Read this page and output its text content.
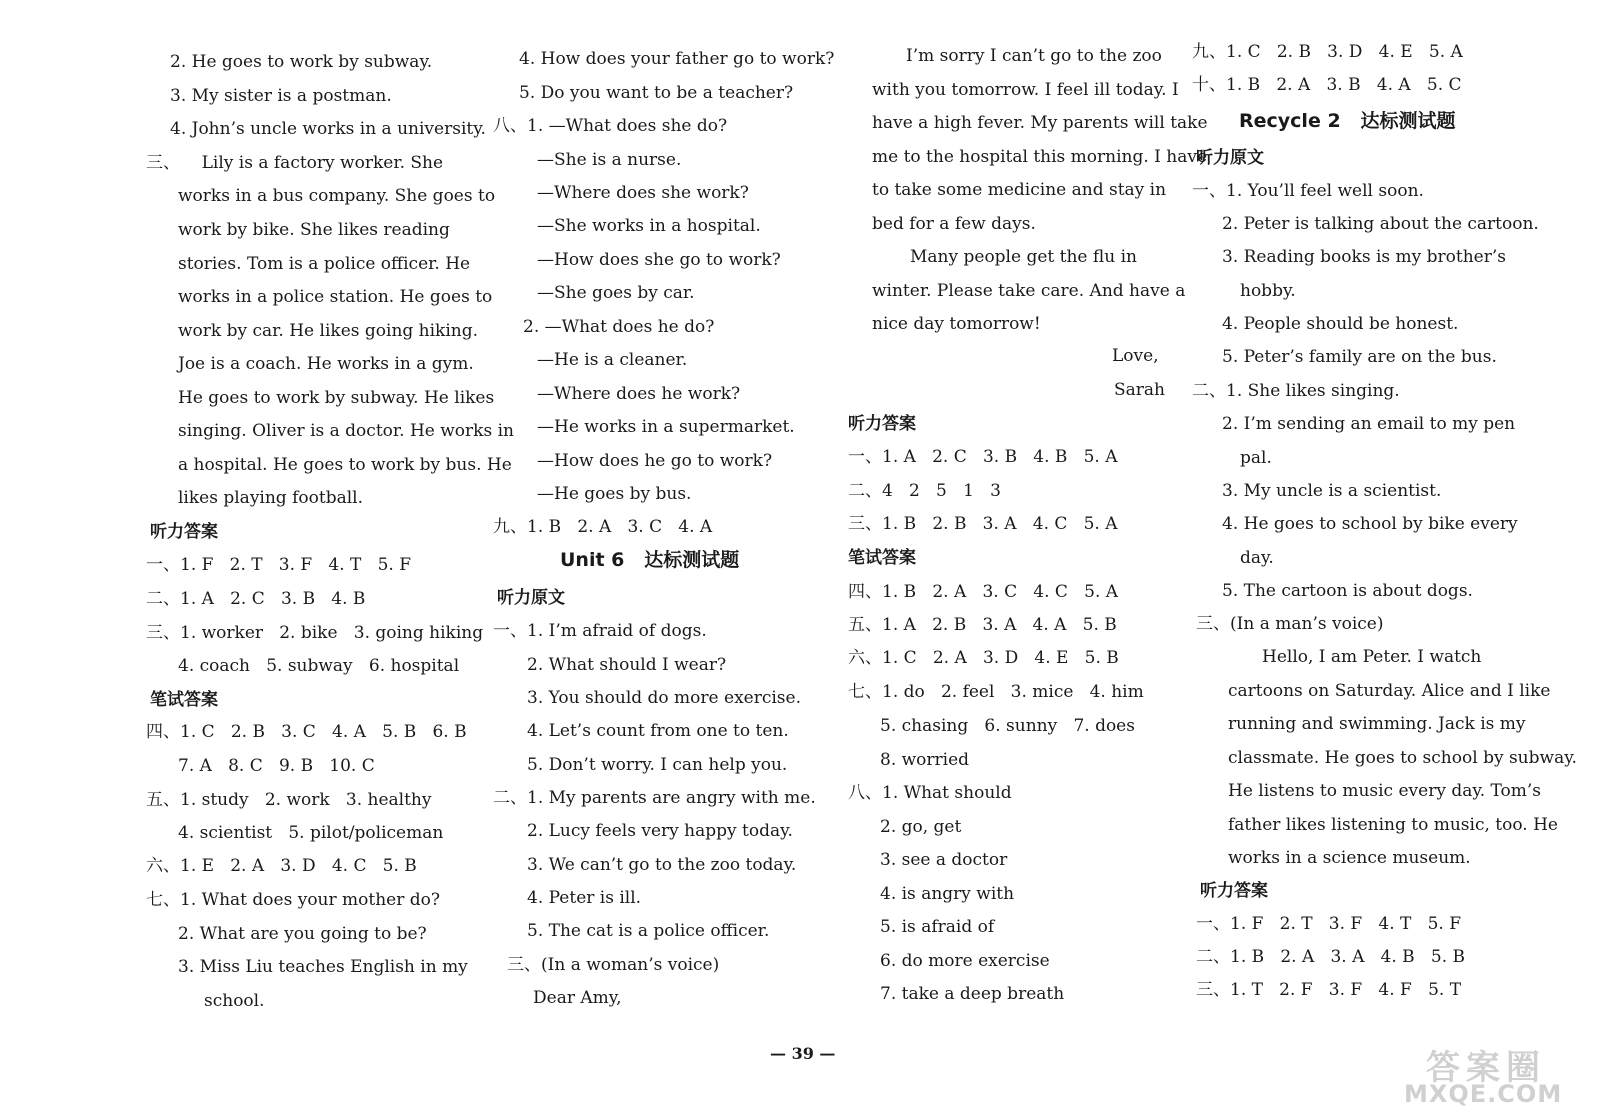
2. He goes to work by subway.
3. My sister is a postman.
4. John’s uncle works in a university.
三、    Lily is a factory worker. She
works in a bus company. She goes to
work by bike. She likes reading
stories. Tom is a police officer. He
works in a police station. He goes to
work by car. He likes going hiking.
Joe is a coach. He works in a gym.
He goes to work by subway. He likes
singing. Oliver is a doctor. He works in
a hospital. He goes to work by bus. He
likes playing football.
听力答案
一、1. F   2. T   3. F   4. T   5. F
二、1. A   2. C   3. B   4. B
三、1. worker   2. bike   3. going hiking
4. coach   5. subway   6. hospital
笔试答案
四、1. C   2. B   3. C   4. A   5. B   6. B
7. A   8. C   9. B   10. C
五、1. study   2. work   3. healthy
4. scientist   5. pilot/policeman
六、1. E   2. A   3. D   4. C   5. B
七、1. What does your mother do?
2. What are you going to be?
3. Miss Liu teaches English in my
school.
4. How does your father go to work?
5. Do you want to be a teacher?
八、1. —What does she do?
—She is a nurse.
—Where does she work?
—She works in a hospital.
—How does she go to work?
—She goes by car.
2. —What does he do?
—He is a cleaner.
—Where does he work?
—He works in a supermarket.
—How does he go to work?
—He goes by bus.
九、1. B   2. A   3. C   4. A
Unit 6   达标测试题
听力原文
一、1. I’m afraid of dogs.
2. What should I wear?
3. You should do more exercise.
4. Let’s count from one to ten.
5. Don’t worry. I can help you.
二、1. My parents are angry with me.
2. Lucy feels very happy today.
3. We can’t go to the zoo today.
4. Peter is ill.
5. The cat is a police officer.
三、(In a woman’s voice)
Dear Amy,
I’m sorry I can’t go to the zoo
with you tomorrow. I feel ill today. I
have a high fever. My parents will take
me to the hospital this morning. I have
to take some medicine and stay in
bed for a few days.
Many people get the flu in
winter. Please take care. And have a
nice day tomorrow!
Love,
Sarah
听力答案
一、1. A   2. C   3. B   4. B   5. A
二、4   2   5   1   3
三、1. B   2. B   3. A   4. C   5. A
笔试答案
四、1. B   2. A   3. C   4. C   5. A
五、1. A   2. B   3. A   4. A   5. B
六、1. C   2. A   3. D   4. E   5. B
七、1. do   2. feel   3. mice   4. him
5. chasing   6. sunny   7. does
8. worried
八、1. What should
2. go, get
3. see a doctor
4. is angry with
5. is afraid of
6. do more exercise
7. take a deep breath
九、1. C   2. B   3. D   4. E   5. A
十、1. B   2. A   3. B   4. A   5. C
Recycle 2   达标测试题
听力原文
一、1. You’ll feel well soon.
2. Peter is talking about the cartoon.
3. Reading books is my brother’s
hobby.
4. People should be honest.
5. Peter’s family are on the bus.
二、1. She likes singing.
2. I’m sending an email to my pen
pal.
3. My uncle is a scientist.
4. He goes to school by bike every
day.
5. The cartoon is about dogs.
三、(In a man’s voice)
Hello, I am Peter. I watch
cartoons on Saturday. Alice and I like
running and swimming. Jack is my
classmate. He goes to school by subway.
He listens to music every day. Tom’s
father likes listening to music, too. He
works in a science museum.
听力答案
一、1. F   2. T   3. F   4. T   5. F
二、1. B   2. A   3. A   4. B   5. B
三、1. T   2. F   3. F   4. F   5. T
— 39 —	答案圈
MXQE.COM
